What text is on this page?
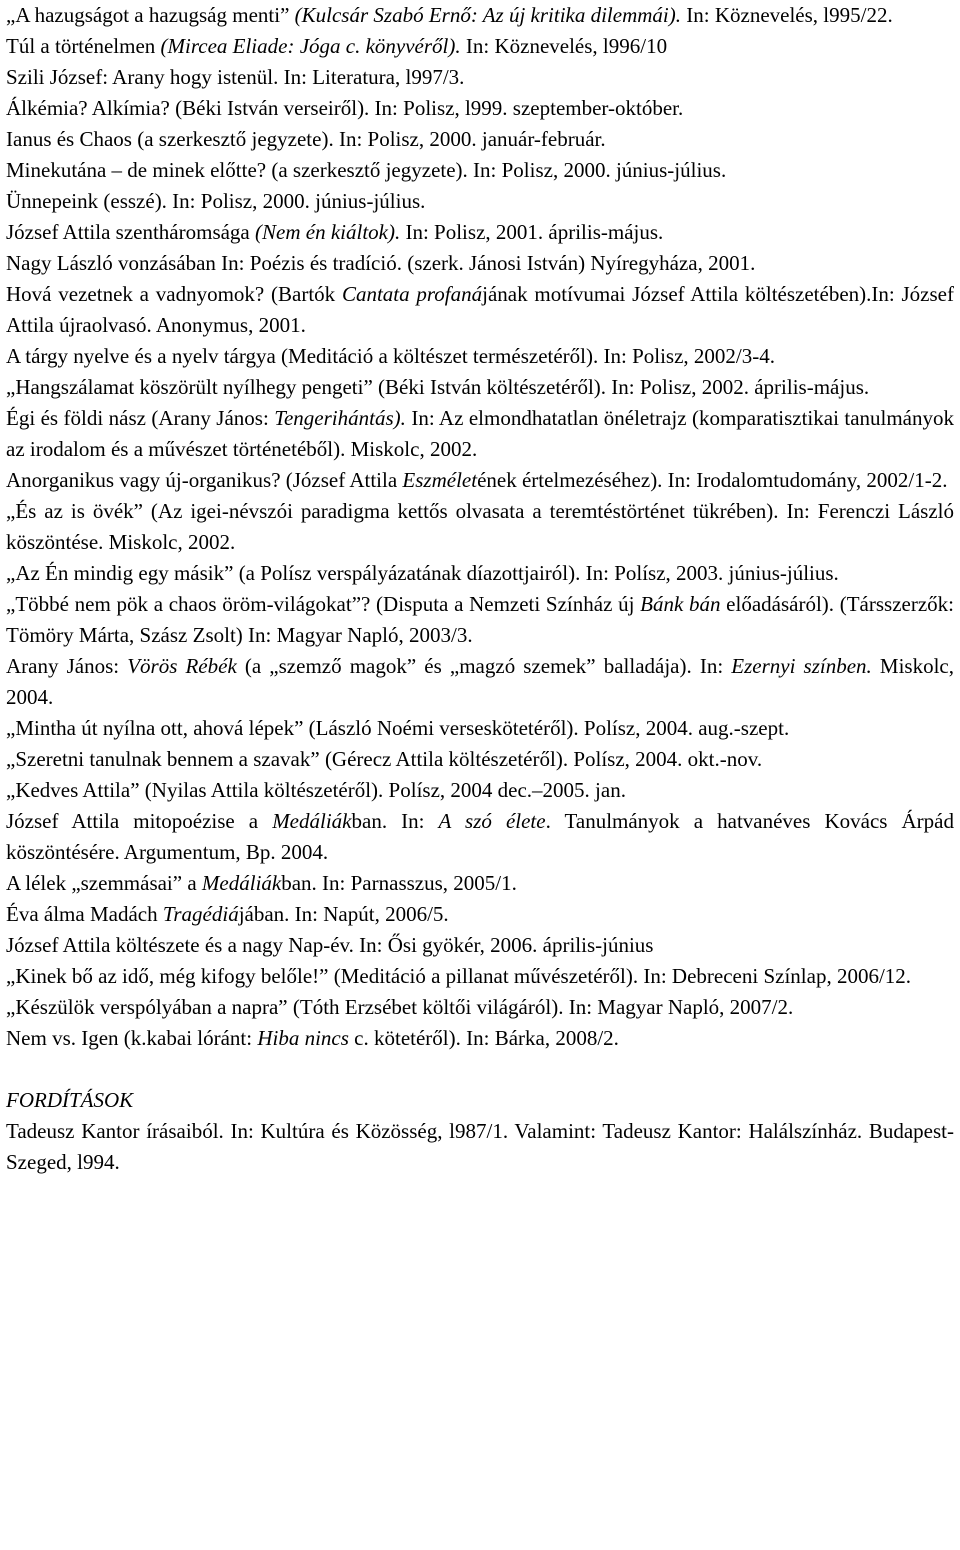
„A hazugságot a hazugság menti” (Kulcsár Szabó Ernő: Az új kritika dilemmái). In: Köznevelés, l995/22.

Túl a történelmen (Mircea Eliade: Jóga c. könyvéről). In: Köznevelés, l996/10

Szili József: Arany hogy istenül. In: Literatura, l997/3.

Álkémia? Alkímia? (Béki István verseiről). In: Polisz, l999. szeptember-október.

Ianus és Chaos (a szerkesztő jegyzete). In: Polisz, 2000. január-február.

Minekutána – de minek előtte? (a szerkesztő jegyzete). In: Polisz, 2000. június-július.

Ünnepeink (esszé). In: Polisz, 2000. június-július.

József Attila szentháromsága (Nem én kiáltok). In: Polisz, 2001. április-május.

Nagy László vonzásában In: Poézis és tradíció. (szerk. Jánosi István) Nyíregyháza, 2001.

Hová vezetnek a vadnyomok? (Bartók Cantata profanájának motívumai József Attila költészetében).In: József Attila újraolvasó. Anonymus, 2001.

A tárgy nyelve és a nyelv tárgya (Meditáció a költészet természetéről). In: Polisz, 2002/3-4.

„Hangszálamat köszörült nyílhegy pengeti” (Béki István költészetéről). In: Polisz, 2002. április-május.

Égi és földi nász (Arany János: Tengerihántás). In: Az elmondhatatlan önéletrajz (komparatisztikai tanulmányok az irodalom és a művészet történetéből). Miskolc, 2002.

Anorganikus vagy új-organikus? (József Attila Eszméletének értelmezéséhez). In: Irodalomtudomány, 2002/1-2.

„És az is övék” (Az igei-névszói paradigma kettős olvasata a teremtéstörténet tükrében). In: Ferenczi László köszöntése. Miskolc, 2002.

„Az Én mindig egy másik” (a Polísz verspályázatának díazottjairól). In: Polísz, 2003. június-július.

„Többé nem pök a chaos öröm-világokat”? (Disputa a Nemzeti Színház új Bánk bán előadásáról). (Társszerzők: Tömöry Márta, Szász Zsolt) In: Magyar Napló, 2003/3.

Arany János: Vörös Rébék (a „szemző magok” és „magzó szemek” balladája). In: Ezernyi színben. Miskolc, 2004.

„Mintha út nyílna ott, ahová lépek” (László Noémi verseskötetéről). Polísz, 2004. aug.-szept.

„Szeretni tanulnak bennem a szavak” (Gérecz Attila költészetéről). Polísz, 2004. okt.-nov.

„Kedves Attila” (Nyilas Attila költészetéről). Polísz, 2004 dec.–2005. jan.

József Attila mitopoézise a Medáliákban. In: A szó élete. Tanulmányok a hatvanéves Kovács Árpád köszöntésére. Argumentum, Bp. 2004.

A lélek „szemmásai” a Medáliákban. In: Parnasszus, 2005/1.

Éva álma Madách Tragédiájában. In: Napút, 2006/5.

József Attila költészete és a nagy Nap-év. In: Ősi gyökér, 2006. április-június

„Kinek bő az idő, még kifogy belőle!” (Meditáció a pillanat művészetéről). In: Debreceni Színlap, 2006/12.

„Készülök verspólyában a napra” (Tóth Erzsébet költői világáról). In: Magyar Napló, 2007/2.

Nem vs. Igen (k.kabai lóránt: Hiba nincs c. kötetéről). In: Bárka, 2008/2.

FORDÍTÁSOK

Tadeusz Kantor írásaiból. In: Kultúra és Közösség, l987/1. Valamint: Tadeusz Kantor: Halálszínház. Budapest-Szeged, l994.
